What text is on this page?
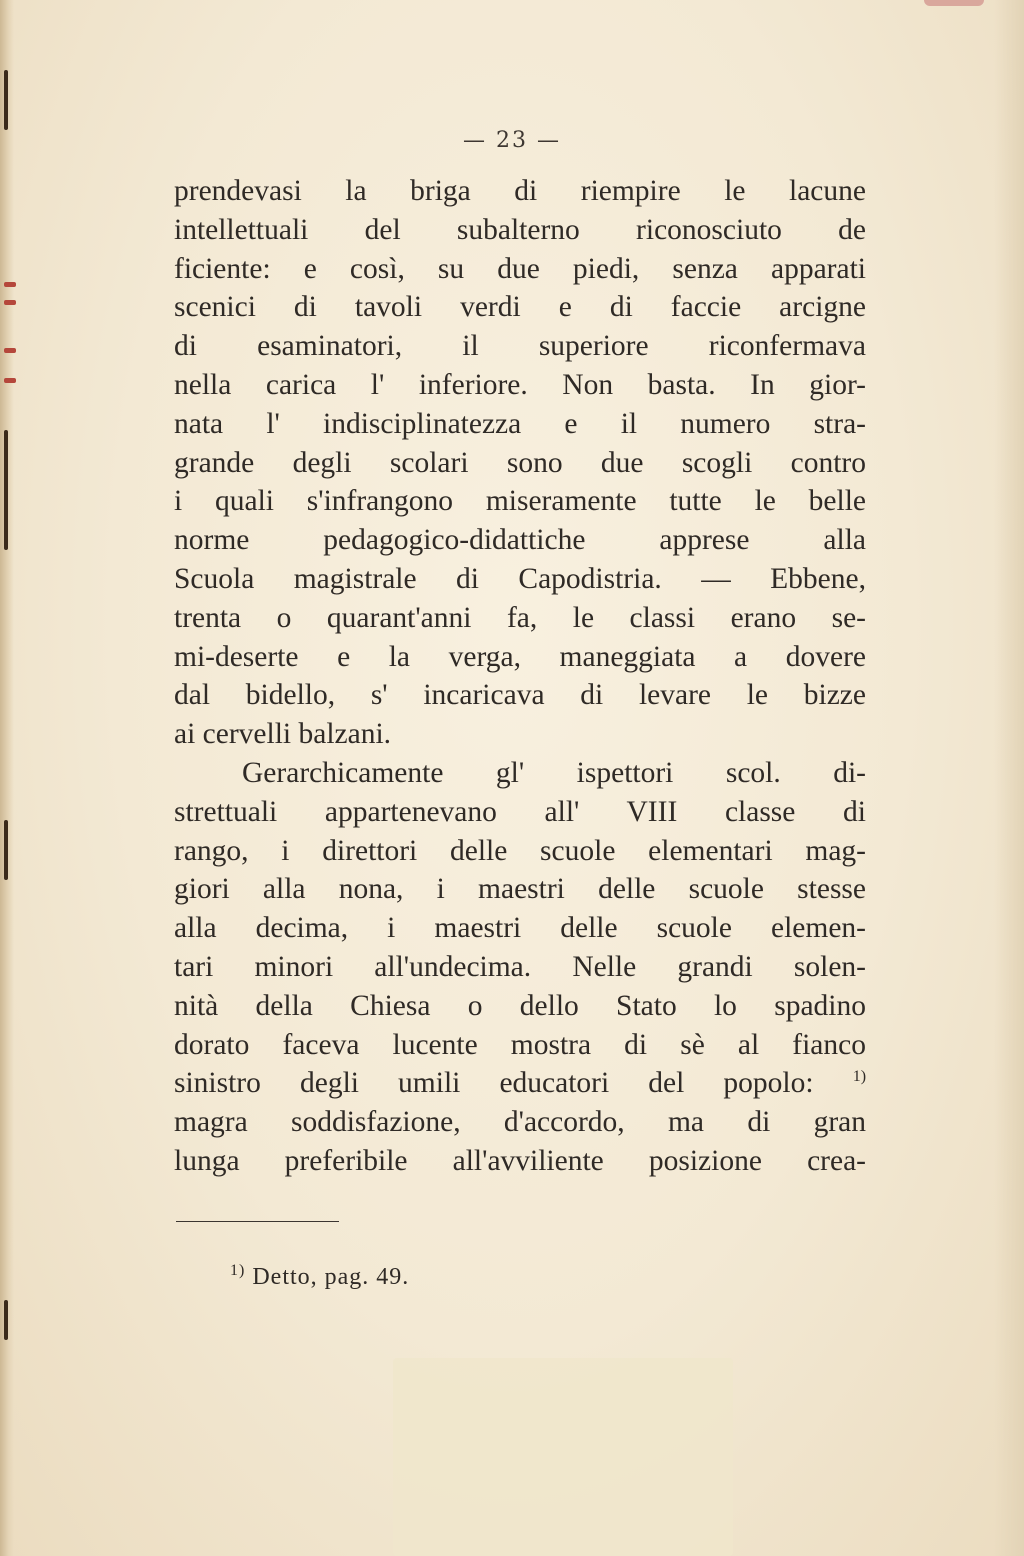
— 23 —
prendevasi la briga di riempire le lacune
intellettuali del subalterno riconosciuto de
ficiente: e così, su due piedi, senza apparati
scenici di tavoli verdi e di faccie arcigne
di esaminatori, il superiore riconfermava
nella carica l' inferiore. Non basta. In gior-
nata l' indisciplinatezza e il numero stra-
grande degli scolari sono due scogli contro
i quali s'infrangono miseramente tutte le belle
norme pedagogico-didattiche apprese alla
Scuola magistrale di Capodistria. — Ebbene,
trenta o quarant'anni fa, le classi erano se-
mi-deserte e la verga, maneggiata a dovere
dal bidello, s' incaricava di levare le bizze
ai cervelli balzani.
Gerarchicamente gl' ispettori scol. di-
strettuali appartenevano all' VIII classe di
rango, i direttori delle scuole elementari mag-
giori alla nona, i maestri delle scuole stesse
alla decima, i maestri delle scuole elemen-
tari minori all'undecima. Nelle grandi solen-
nità della Chiesa o dello Stato lo spadino
dorato faceva lucente mostra di sè al fianco
sinistro degli umili educatori del popolo: $^{1)}$
magra soddisfazione, d'accordo, ma di gran
lunga preferibile all'avviliente posizione crea-
$^{1)}$ Detto, pag. 49.
